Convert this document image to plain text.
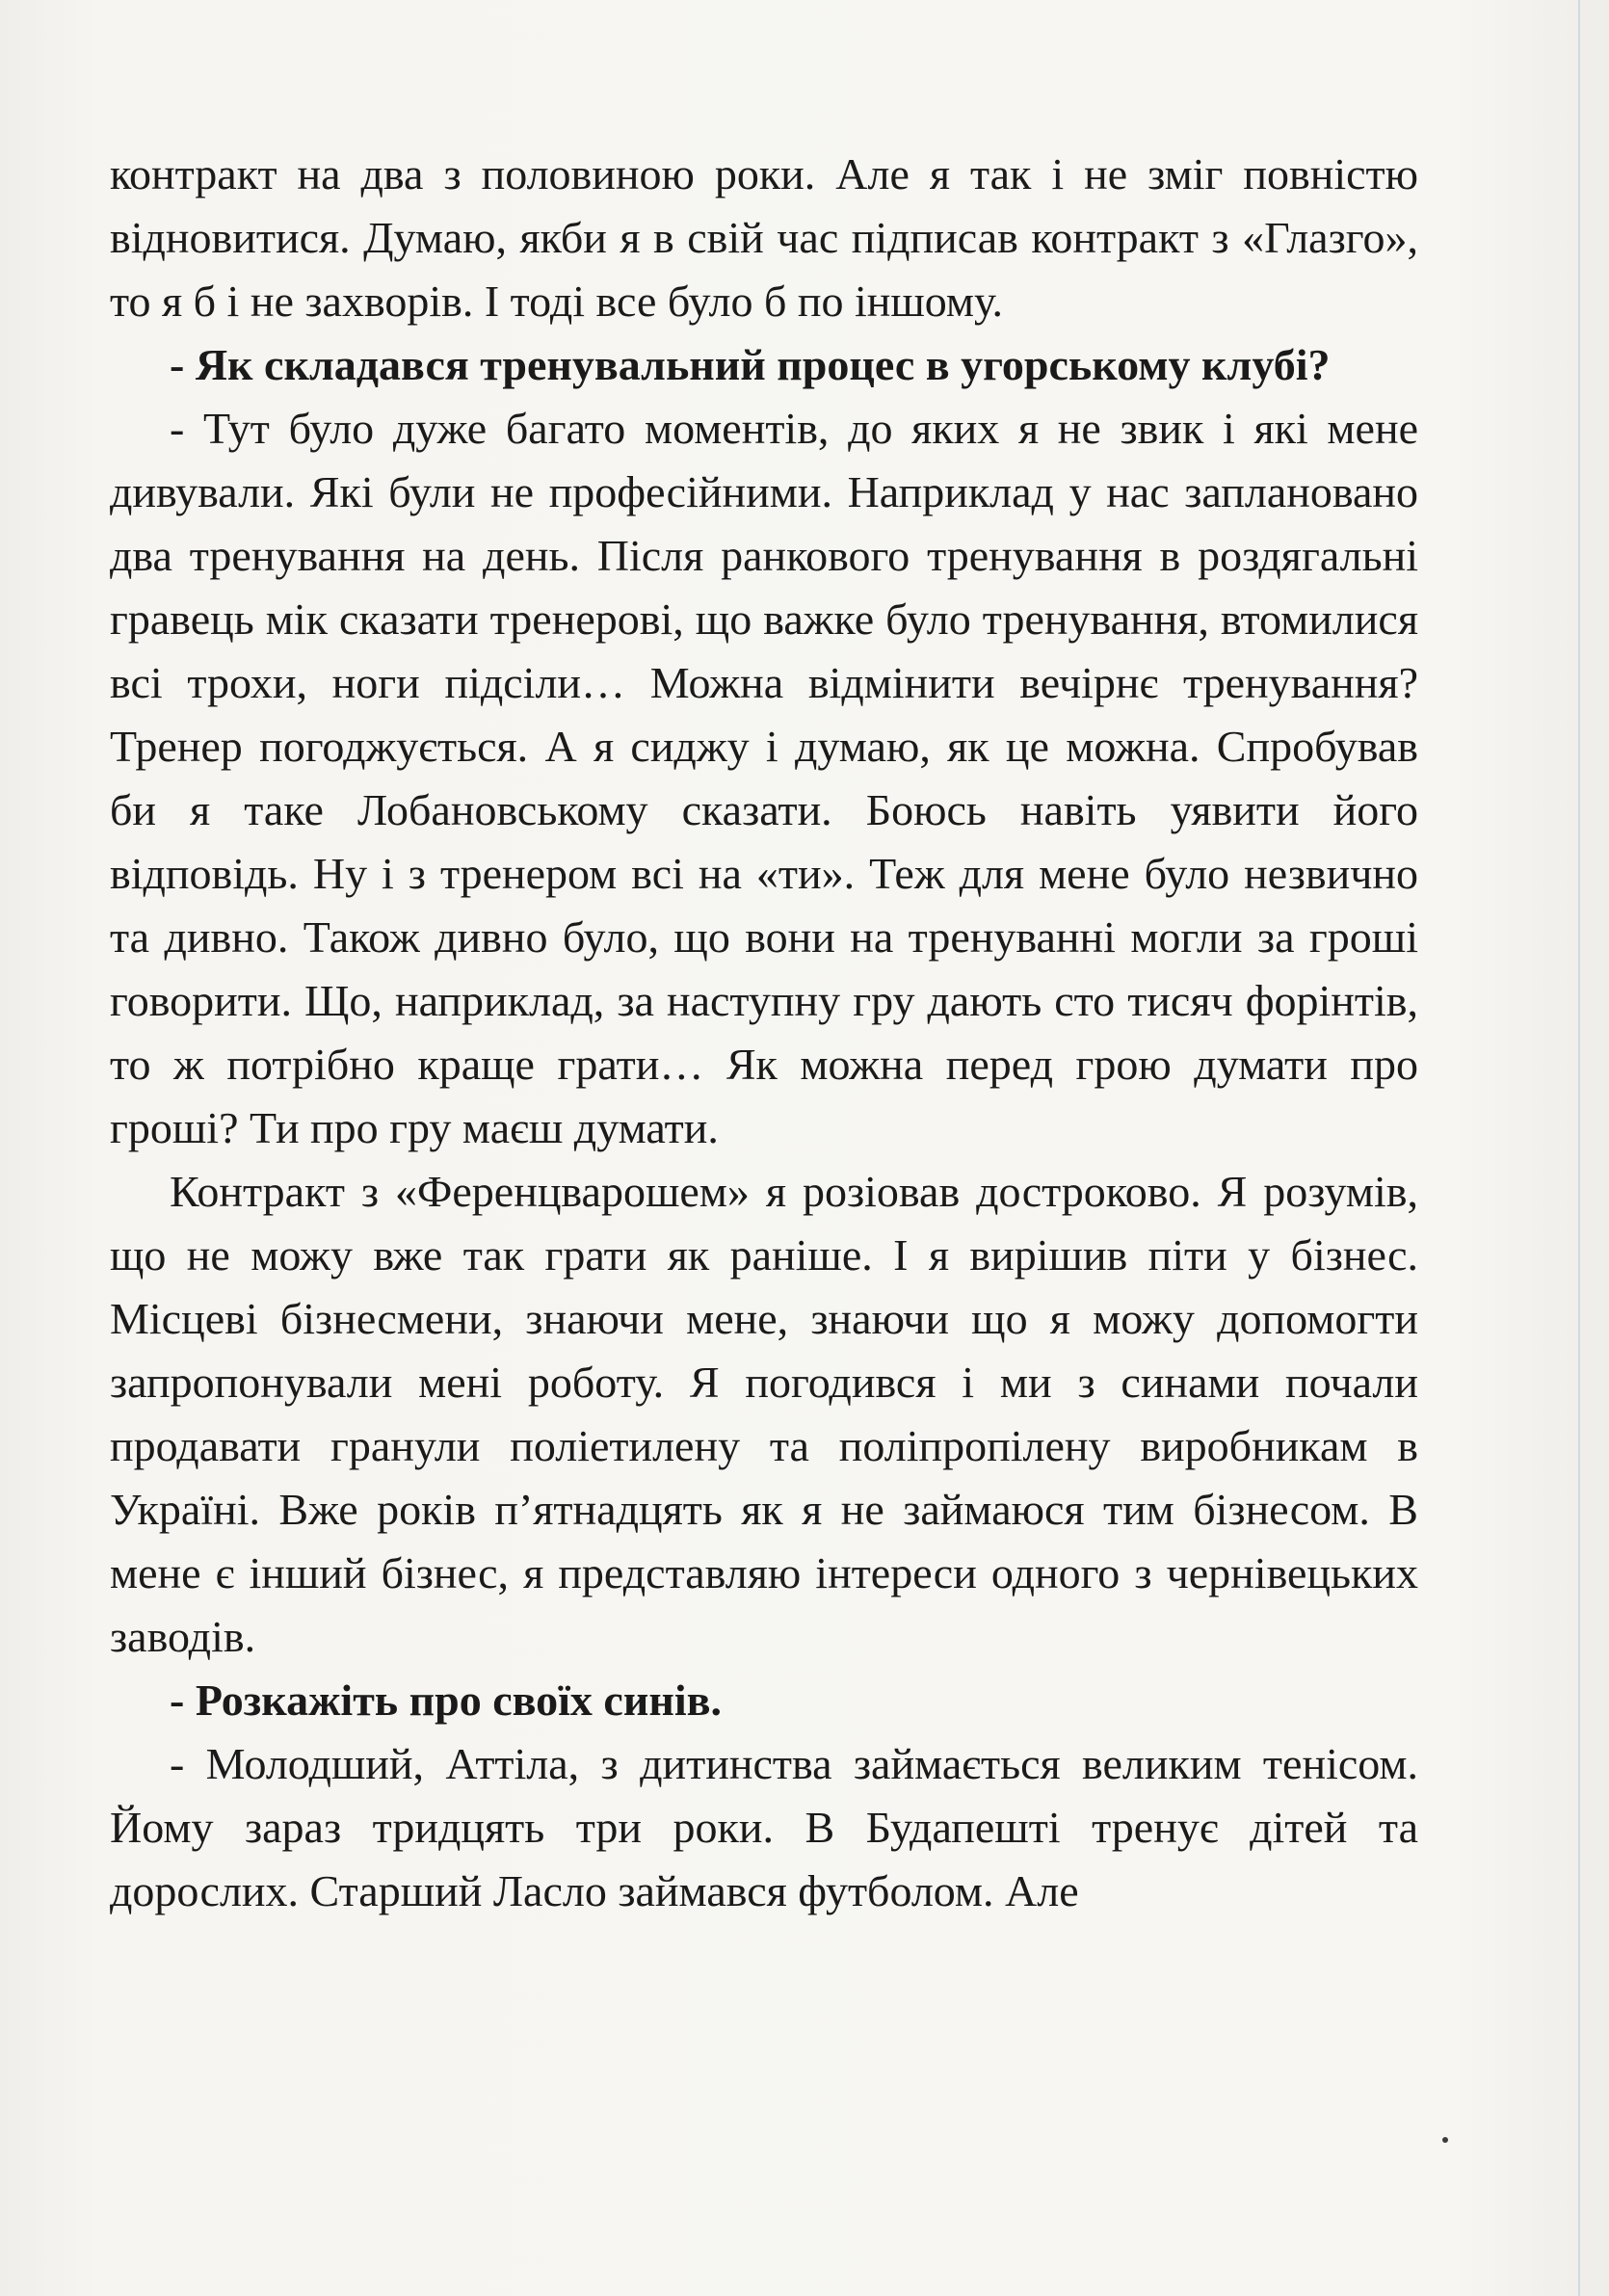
контракт на два з половиною роки. Але я так і не зміг повністю відновитися. Думаю, якби я в свій час підписав контракт з «Глазго», то я б і не захворів. І тоді все було б по іншому.

- Як складався тренувальний процес в угорському клубі?

- Тут було дуже багато моментів, до яких я не звик і які мене дивували. Які були не професійними. Наприклад у нас заплановано два тренування на день. Після ранкового тренування в роздягальні гравець мік сказати тренерові, що важке було тренування, втомилися всі трохи, ноги підсіли… Можна відмінити вечірнє тренування? Тренер погоджується. А я сиджу і думаю, як це можна. Спробував би я таке Лобановському сказати. Боюсь навіть уявити його відповідь. Ну і з тренером всі на «ти». Теж для мене було незвично та дивно. Також дивно було, що вони на тренуванні могли за гроші говорити. Що, наприклад, за наступну гру дають сто тисяч форінтів, то ж потрібно краще грати… Як можна перед грою думати про гроші? Ти про гру маєш думати.

Контракт з «Ференцварошем» я розіовав достроково. Я розумів, що не можу вже так грати як раніше. І я вирішив піти у бізнес. Місцеві бізнесмени, знаючи мене, знаючи що я можу допомогти запропонували мені роботу. Я погодився і ми з синами почали продавати гранули поліетилену та поліпропілену виробникам в Україні. Вже років п’ятнадцять як я не займаюся тим бізнесом. В мене є інший бізнес, я представляю інтереси одного з чернівецьких заводів.

- Розкажіть про своїх синів.

- Молодший, Аттіла, з дитинства займається великим тенісом. Йому зараз тридцять три роки. В Будапешті тренує дітей та дорослих. Старший Ласло займався футболом. Але
